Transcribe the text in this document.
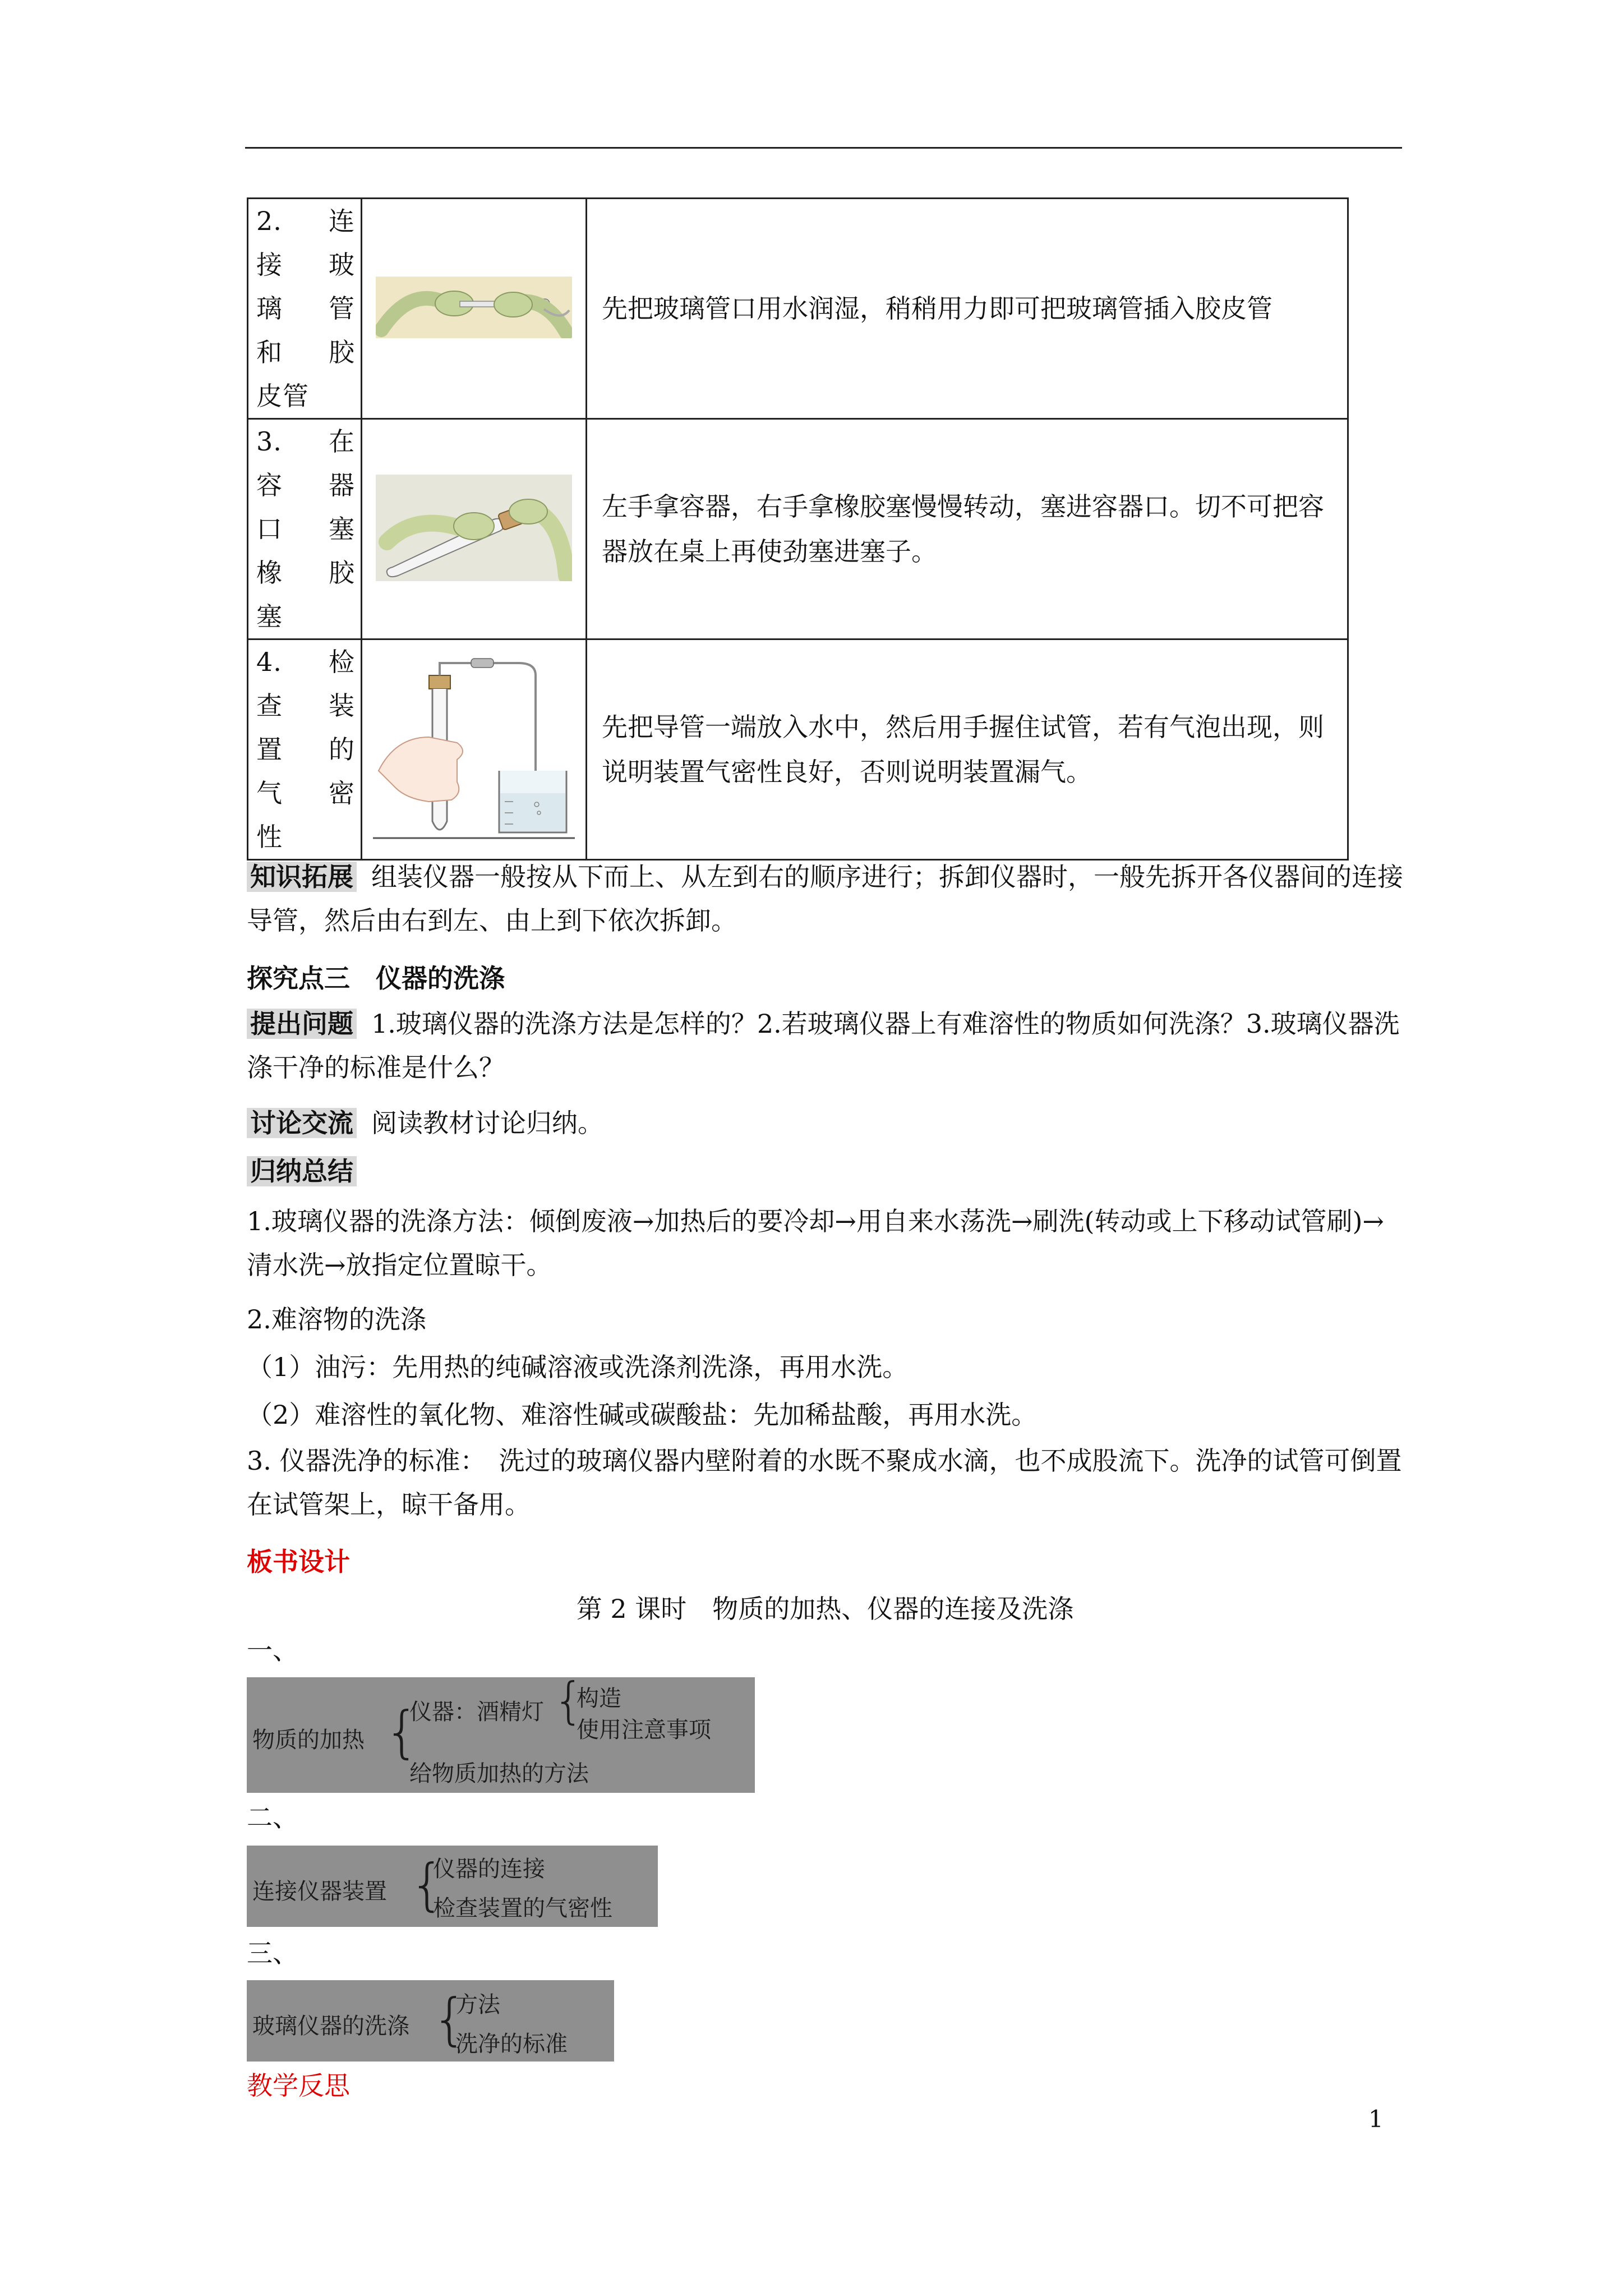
2.　连
接　玻
璃　管
和　胶
皮管		先把玻璃管口用水润湿，稍稍用力即可把玻璃管插入胶皮管

3.　在
容　器
口　塞
橡　胶
塞		左手拿容器，右手拿橡胶塞慢慢转动，塞进容器口。切不可把容器放在桌上再使劲塞进塞子。

4.　检
查　装
置　的
气　密
性		先把导管一端放入水中，然后用手握住试管，若有气泡出现，则说明装置气密性良好，否则说明装置漏气。
知识拓展 组装仪器一般按从下而上、从左到右的顺序进行；拆卸仪器时，一般先拆开各仪器间的连接导管，然后由右到左、由上到下依次拆卸。
探究点三　仪器的洗涤
提出问题 1.玻璃仪器的洗涤方法是怎样的？2.若玻璃仪器上有难溶性的物质如何洗涤？3.玻璃仪器洗涤干净的标准是什么？
讨论交流 阅读教材讨论归纳。
归纳总结
1.玻璃仪器的洗涤方法：倾倒废液→加热后的要冷却→用自来水荡洗→刷洗(转动或上下移动试管刷)→清水洗→放指定位置晾干。
2.难溶物的洗涤
（1）油污：先用热的纯碱溶液或洗涤剂洗涤，再用水洗。
（2）难溶性的氧化物、难溶性碱或碳酸盐：先加稀盐酸，再用水洗。
3. 仪器洗净的标准：　洗过的玻璃仪器内壁附着的水既不聚成水滴，也不成股流下。洗净的试管可倒置在试管架上，晾干备用。
板书设计
第 2 课时　物质的加热、仪器的连接及洗涤
一、
物质的加热 {
仪器：酒精灯 {
构造
使用注意事项
给物质加热的方法
二、
连接仪器装置 {
仪器的连接
检查装置的气密性
三、
玻璃仪器的洗涤 {
方法
洗净的标准
教学反思
1
